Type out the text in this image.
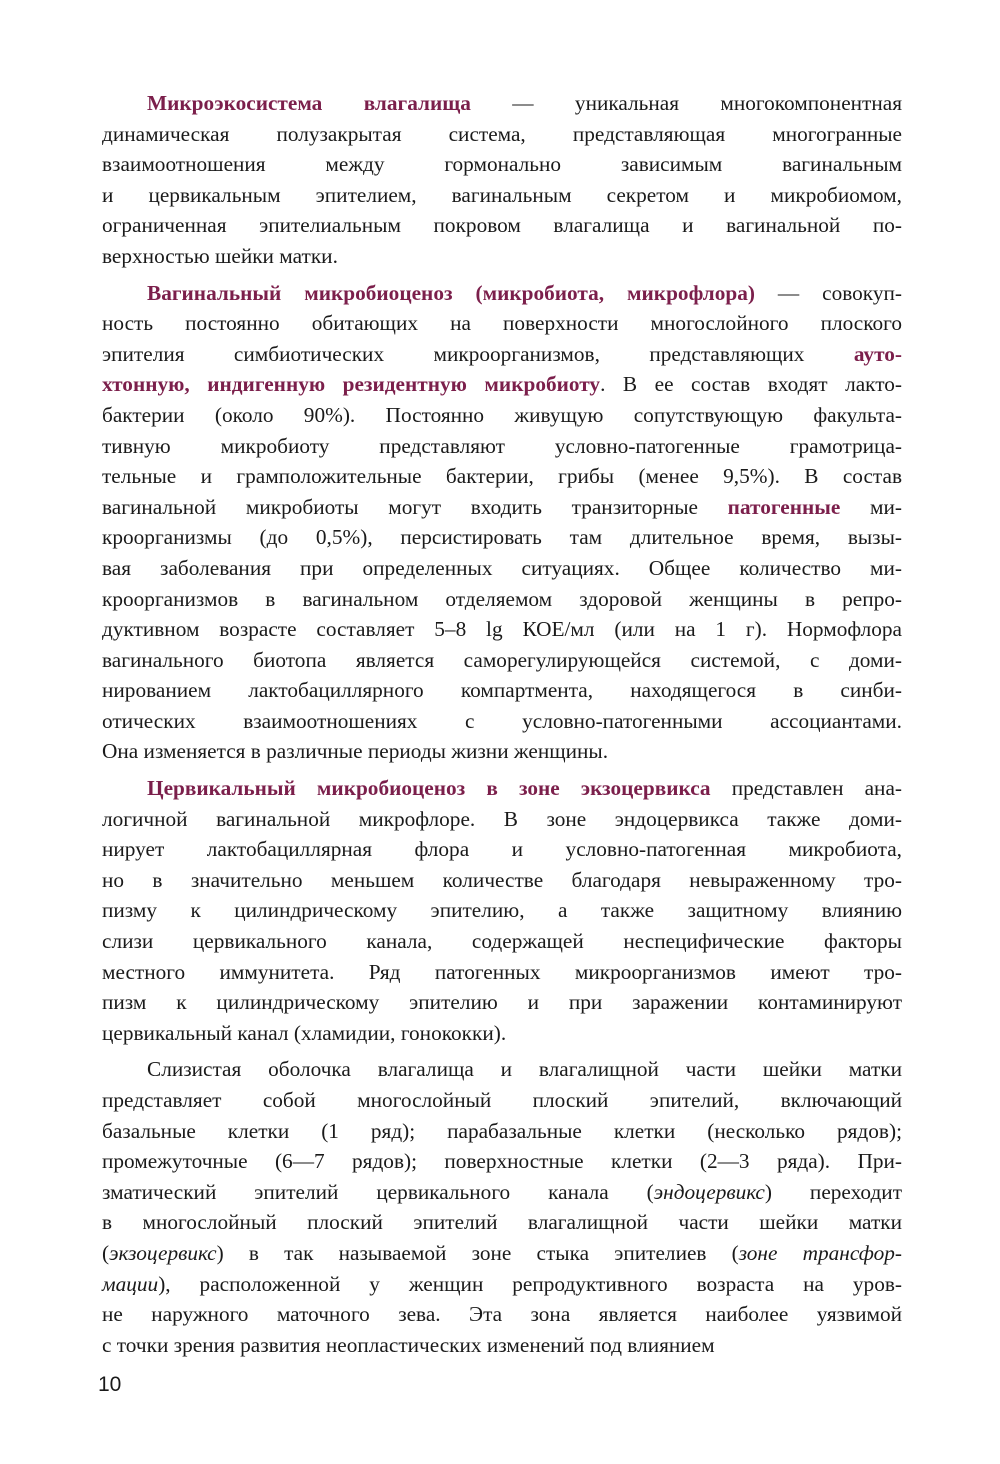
Микроэкосистема влагалища — уникальная многокомпонентная
динамическая полузакрытая система, представляющая многогранные
взаимоотношения между гормонально зависимым вагинальным
и цервикальным эпителием, вагинальным секретом и микробиомом,
ограниченная эпителиальным покровом влагалища и вагинальной по-
верхностью шейки матки.
Вагинальный микробиоценоз (микробиота, микрофлора) — совокуп-
ность постоянно обитающих на поверхности многослойного плоского
эпителия симбиотических микроорганизмов, представляющих ауто-
хтонную, индигенную резидентную микробиоту. В ее состав входят лакто-
бактерии (около 90%). Постоянно живущую сопутствующую факульта-
тивную микробиоту представляют условно-патогенные грамотрица-
тельные и грамположительные бактерии, грибы (менее 9,5%). В состав
вагинальной микробиоты могут входить транзиторные патогенные ми-
кроорганизмы (до 0,5%), персистировать там длительное время, вызы-
вая заболевания при определенных ситуациях. Общее количество ми-
кроорганизмов в вагинальном отделяемом здоровой женщины в репро-
дуктивном возрасте составляет 5–8 lg КОЕ/мл (или на 1 г). Нормофлора
вагинального биотопа является саморегулирующейся системой, с доми-
нированием лактобациллярного компартмента, находящегося в синби-
отических взаимоотношениях с условно-патогенными ассоциантами.
Она изменяется в различные периоды жизни женщины.
Цервикальный микробиоценоз в зоне экзоцервикса представлен ана-
логичной вагинальной микрофлоре. В зоне эндоцервикса также доми-
нирует лактобациллярная флора и условно-патогенная микробиота,
но в значительно меньшем количестве благодаря невыраженному тро-
пизму к цилиндрическому эпителию, а также защитному влиянию
слизи цервикального канала, содержащей неспецифические факторы
местного иммунитета. Ряд патогенных микроорганизмов имеют тро-
пизм к цилиндрическому эпителию и при заражении контаминируют
цервикальный канал (хламидии, гонококки).
Слизистая оболочка влагалища и влагалищной части шейки матки
представляет собой многослойный плоский эпителий, включающий
базальные клетки (1 ряд); парабазальные клетки (несколько рядов);
промежуточные (6—7 рядов); поверхностные клетки (2—3 ряда). При-
зматический эпителий цервикального канала (эндоцервикс) переходит
в многослойный плоский эпителий влагалищной части шейки матки
(экзоцервикс) в так называемой зоне стыка эпителиев (зоне трансфор-
мации), расположенной у женщин репродуктивного возраста на уров-
не наружного маточного зева. Эта зона является наиболее уязвимой
с точки зрения развития неопластических изменений под влиянием
10
